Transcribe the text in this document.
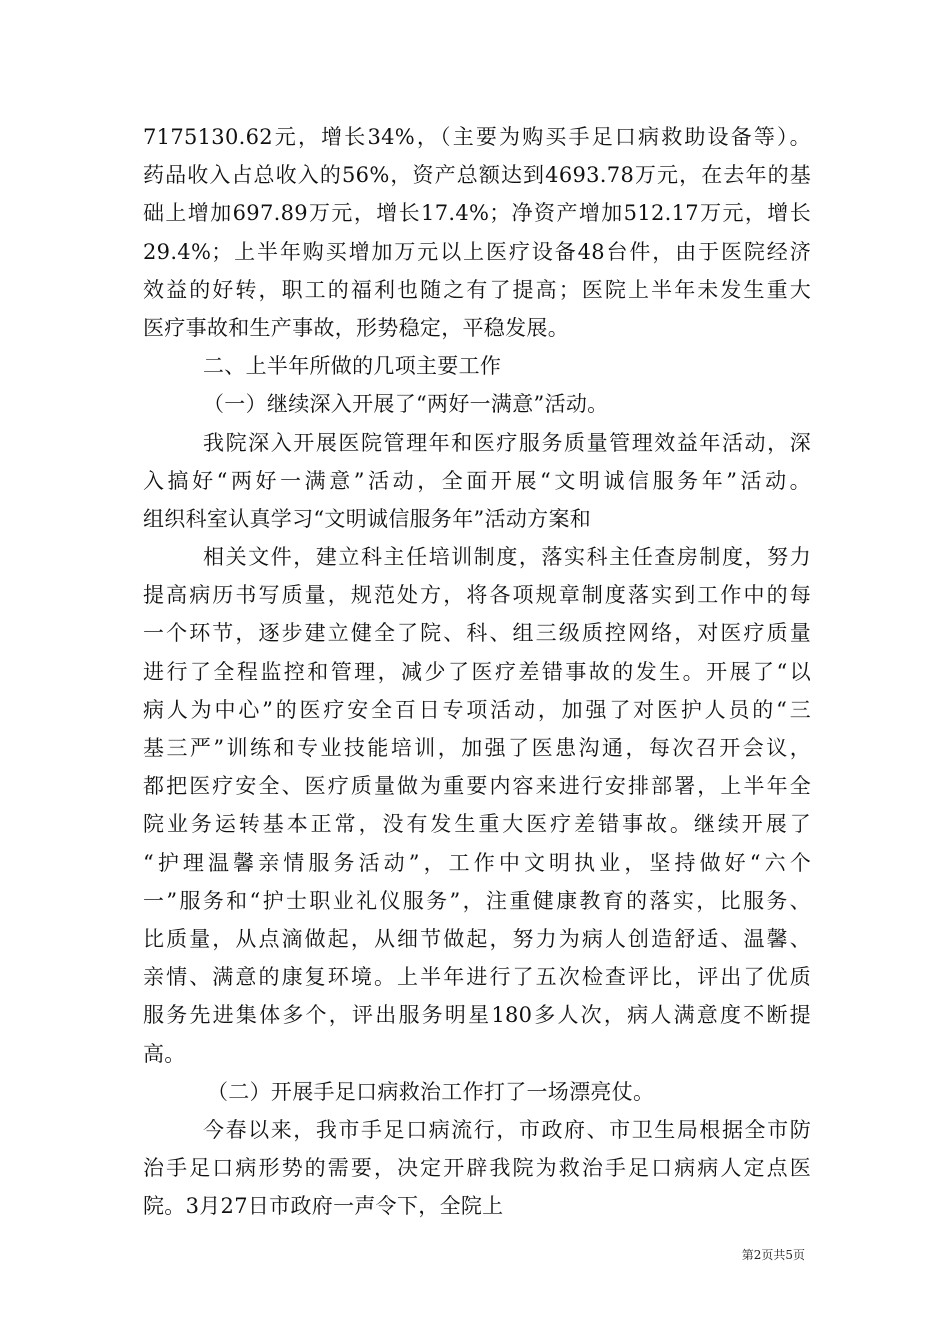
7175130.62元，增长34%，（主要为购买手足口病救助设备等）。
药品收入占总收入的56%，资产总额达到4693.78万元，在去年的基
础上增加697.89万元，增长17.4%；净资产增加512.17万元，增长
29.4%；上半年购买增加万元以上医疗设备48台件，由于医院经济
效益的好转，职工的福利也随之有了提高；医院上半年未发生重大
医疗事故和生产事故，形势稳定，平稳发展。
二、上半年所做的几项主要工作
（一）继续深入开展了“两好一满意”活动。
我院深入开展医院管理年和医疗服务质量管理效益年活动，深
入搞好“两好一满意”活动，全面开展“文明诚信服务年”活动。
组织科室认真学习“文明诚信服务年”活动方案和
相关文件，建立科主任培训制度，落实科主任查房制度，努力
提高病历书写质量，规范处方，将各项规章制度落实到工作中的每
一个环节，逐步建立健全了院、科、组三级质控网络，对医疗质量
进行了全程监控和管理，减少了医疗差错事故的发生。开展了“以
病人为中心”的医疗安全百日专项活动，加强了对医护人员的“三
基三严”训练和专业技能培训，加强了医患沟通，每次召开会议，
都把医疗安全、医疗质量做为重要内容来进行安排部署，上半年全
院业务运转基本正常，没有发生重大医疗差错事故。继续开展了
“护理温馨亲情服务活动”，工作中文明执业，坚持做好“六个
一”服务和“护士职业礼仪服务”，注重健康教育的落实，比服务、
比质量，从点滴做起，从细节做起，努力为病人创造舒适、温馨、
亲情、满意的康复环境。上半年进行了五次检查评比，评出了优质
服务先进集体多个，评出服务明星180多人次，病人满意度不断提
高。
（二）开展手足口病救治工作打了一场漂亮仗。
今春以来，我市手足口病流行，市政府、市卫生局根据全市防
治手足口病形势的需要，决定开辟我院为救治手足口病病人定点医
院。3月27日市政府一声令下，全院上
第2页共5页
